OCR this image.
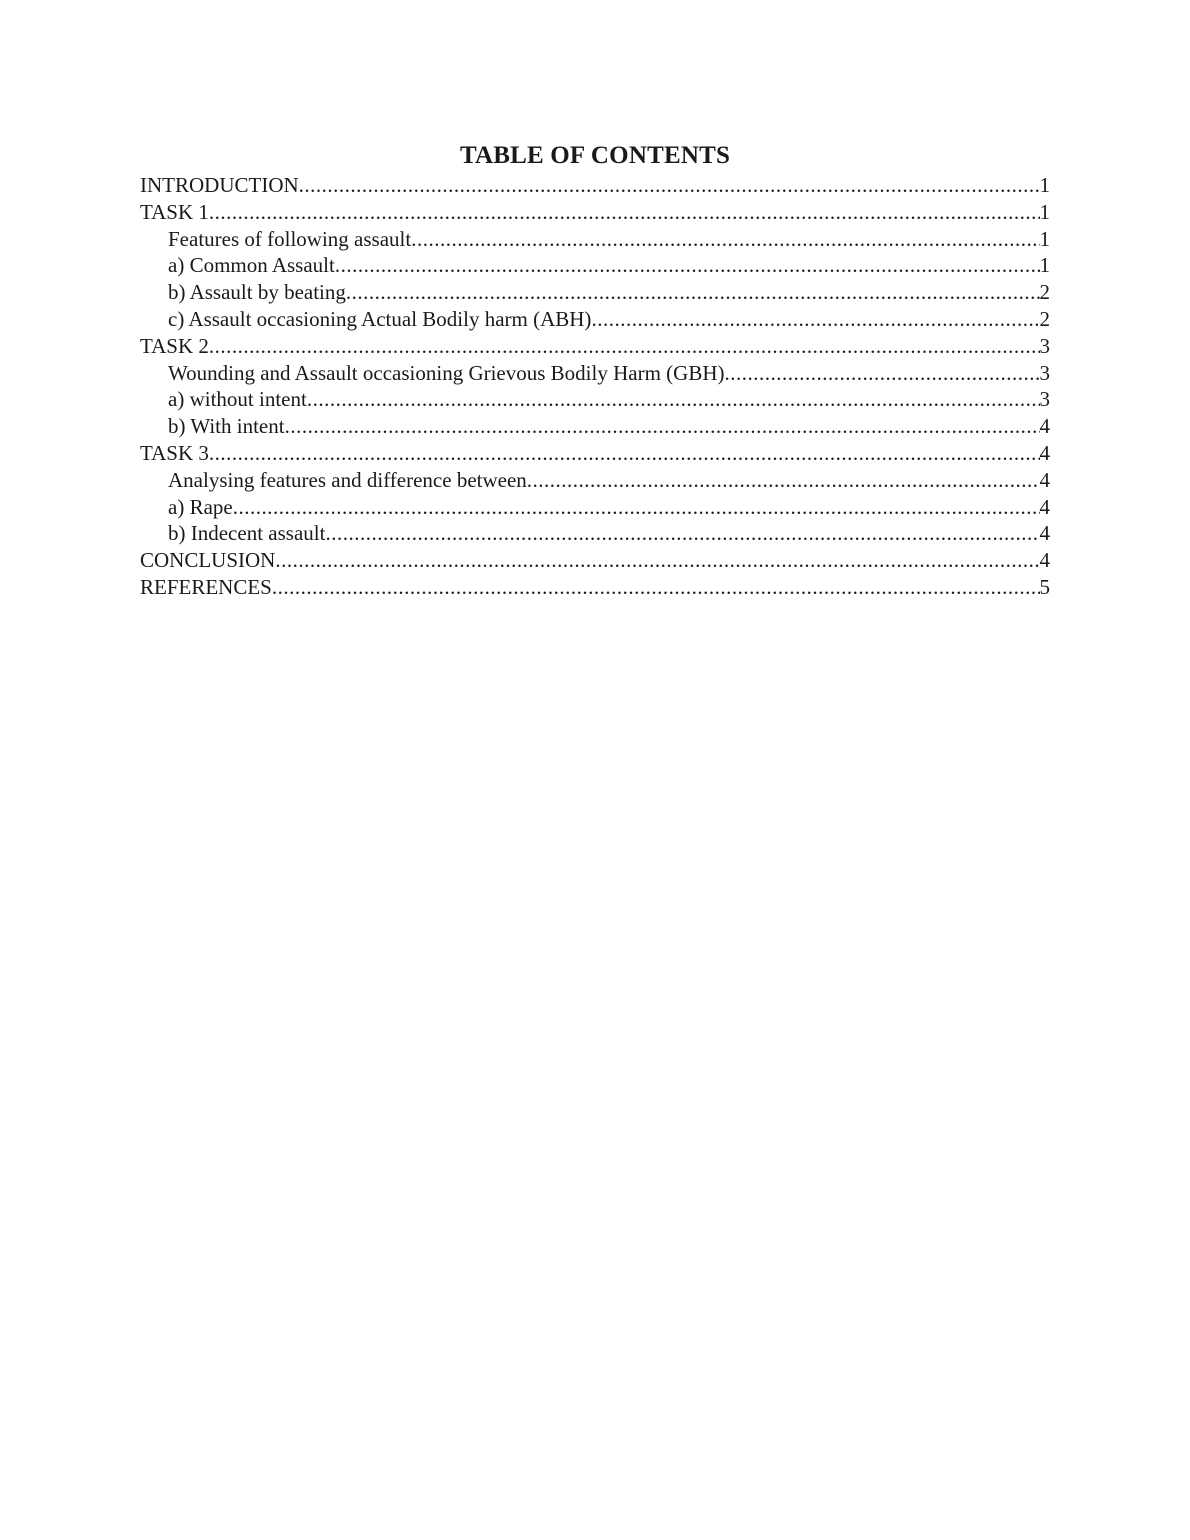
TABLE OF CONTENTS
INTRODUCTION .....	1
TASK 1 .....	1
Features of following assault .....	1
a) Common Assault .....	1
b) Assault by beating .....	2
c) Assault occasioning Actual Bodily harm (ABH) .....	2
TASK 2 .....	3
Wounding and Assault occasioning Grievous Bodily Harm (GBH) .....	3
a) without intent .....	3
b) With intent .....	4
TASK 3 .....	4
Analysing features and difference between .....	4
a) Rape .....	4
b) Indecent assault .....	4
CONCLUSION .....	4
REFERENCES .....	5
